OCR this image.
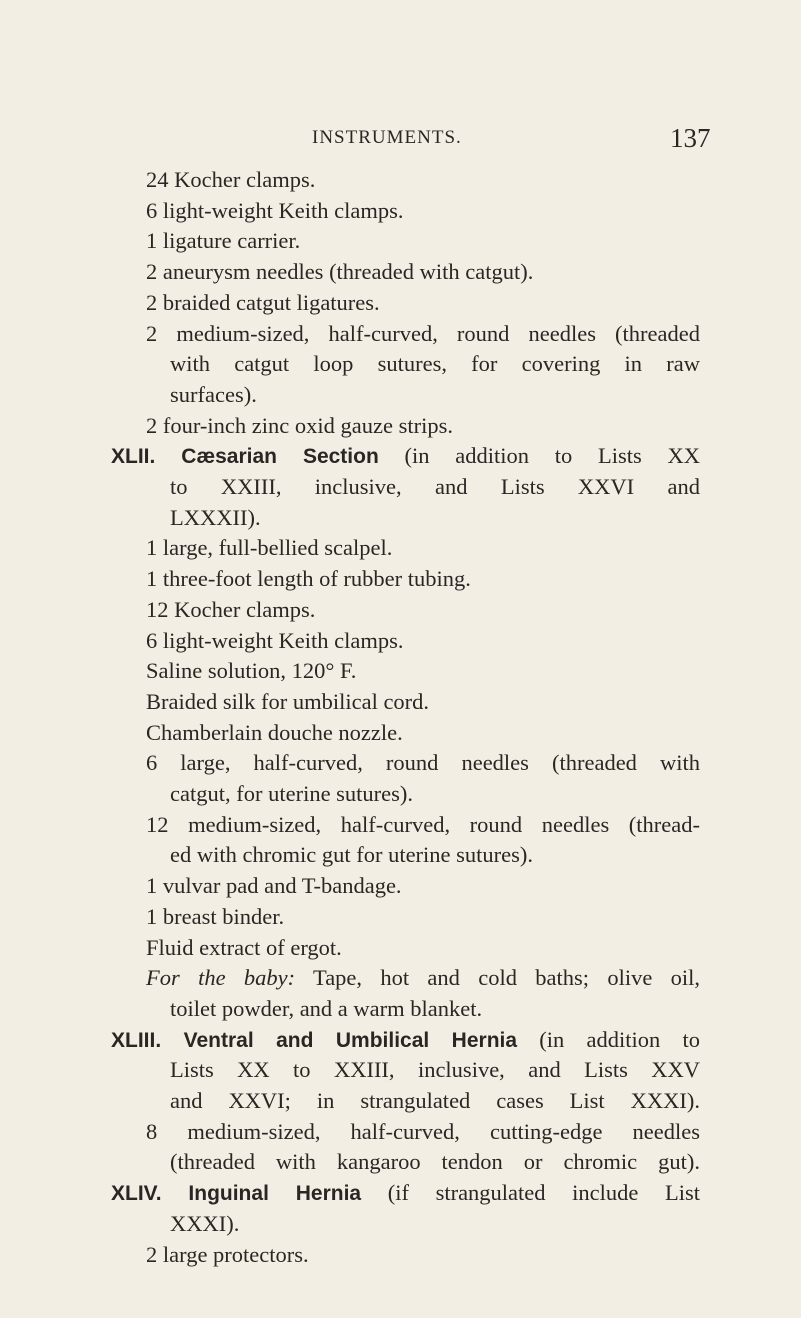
INSTRUMENTS.	137
24 Kocher clamps.
6 light-weight Keith clamps.
1 ligature carrier.
2 aneurysm needles (threaded with catgut).
2 braided catgut ligatures.
2 medium-sized, half-curved, round needles (threaded
with catgut loop sutures, for covering in raw
surfaces).
2 four-inch zinc oxid gauze strips.
XLII. Cæsarian Section (in addition to Lists XX
to XXIII, inclusive, and Lists XXVI and
LXXXII).
1 large, full-bellied scalpel.
1 three-foot length of rubber tubing.
12 Kocher clamps.
6 light-weight Keith clamps.
Saline solution, 120° F.
Braided silk for umbilical cord.
Chamberlain douche nozzle.
6 large, half-curved, round needles (threaded with
catgut, for uterine sutures).
12 medium-sized, half-curved, round needles (thread-
ed with chromic gut for uterine sutures).
1 vulvar pad and T-bandage.
1 breast binder.
Fluid extract of ergot.
For the baby: Tape, hot and cold baths; olive oil,
toilet powder, and a warm blanket.
XLIII. Ventral and Umbilical Hernia (in addition to
Lists XX to XXIII, inclusive, and Lists XXV
and XXVI; in strangulated cases List XXXI).
8 medium-sized, half-curved, cutting-edge needles
(threaded with kangaroo tendon or chromic gut).
XLIV. Inguinal Hernia (if strangulated include List
XXXI).
2 large protectors.
